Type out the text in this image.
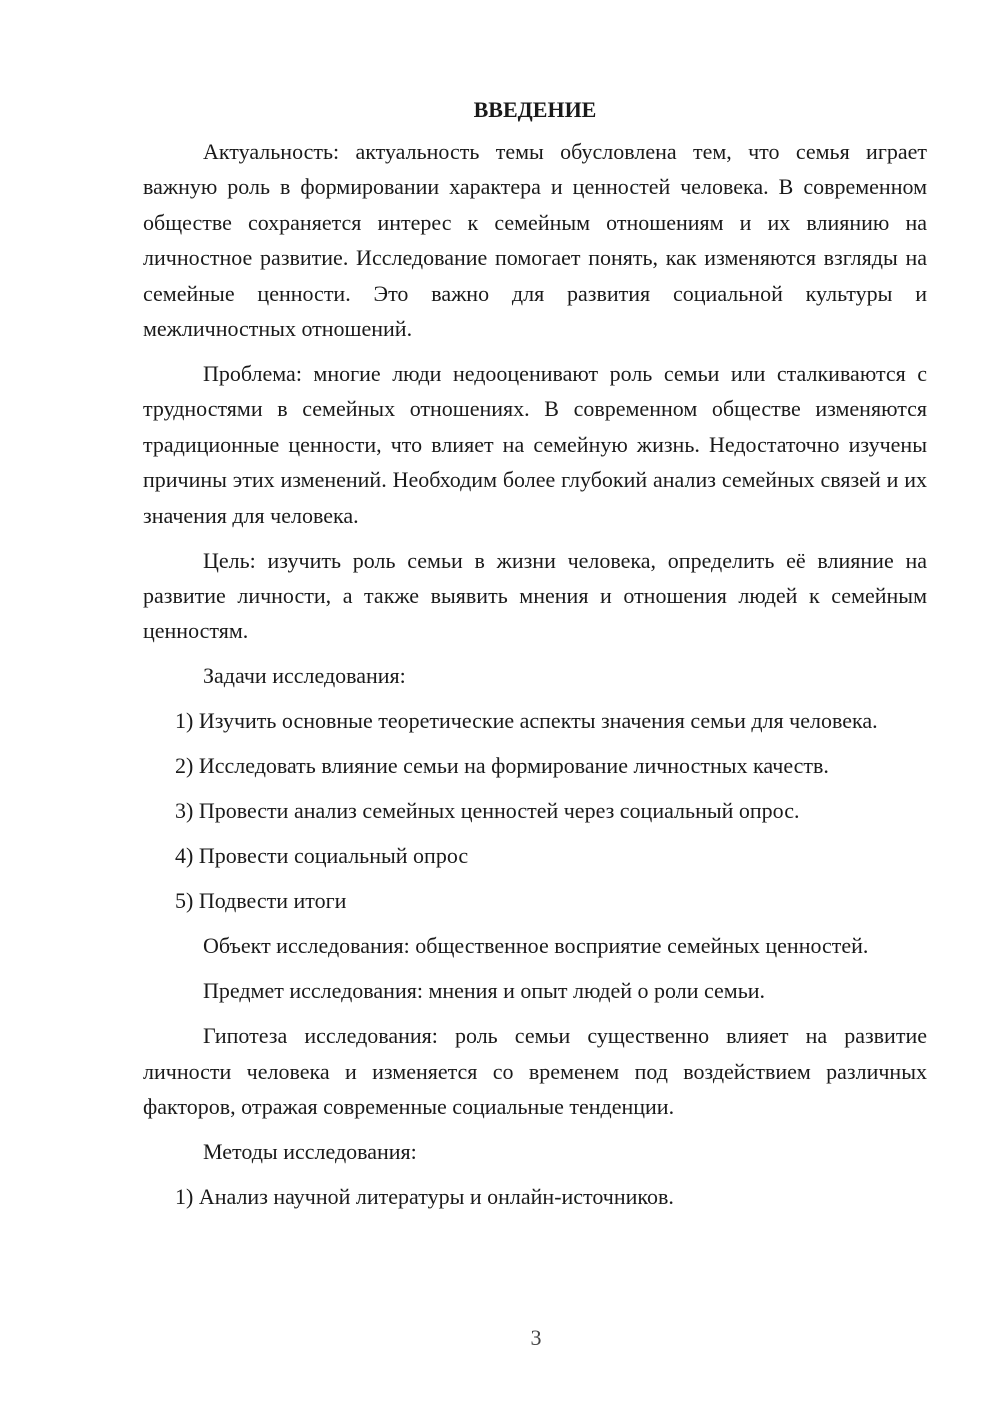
ВВЕДЕНИЕ

Актуальность: актуальность темы обусловлена тем, что семья играет важную роль в формировании характера и ценностей человека. В современном обществе сохраняется интерес к семейным отношениям и их влиянию на личностное развитие. Исследование помогает понять, как изменяются взгляды на семейные ценности. Это важно для развития социальной культуры и межличностных отношений.

Проблема: многие люди недооценивают роль семьи или сталкиваются с трудностями в семейных отношениях. В современном обществе изменяются традиционные ценности, что влияет на семейную жизнь. Недостаточно изучены причины этих изменений. Необходим более глубокий анализ семейных связей и их значения для человека.

Цель: изучить роль семьи в жизни человека, определить её влияние на развитие личности, а также выявить мнения и отношения людей к семейным ценностям.

Задачи исследования:

1) Изучить основные теоретические аспекты значения семьи для человека.

2) Исследовать влияние семьи на формирование личностных качеств.

3) Провести анализ семейных ценностей через социальный опрос.

4) Провести социальный опрос

5) Подвести итоги

Объект исследования: общественное восприятие семейных ценностей.

Предмет исследования: мнения и опыт людей о роли семьи.

Гипотеза исследования: роль семьи существенно влияет на развитие личности человека и изменяется со временем под воздействием различных факторов, отражая современные социальные тенденции.

Методы исследования:

1) Анализ научной литературы и онлайн-источников.

3
